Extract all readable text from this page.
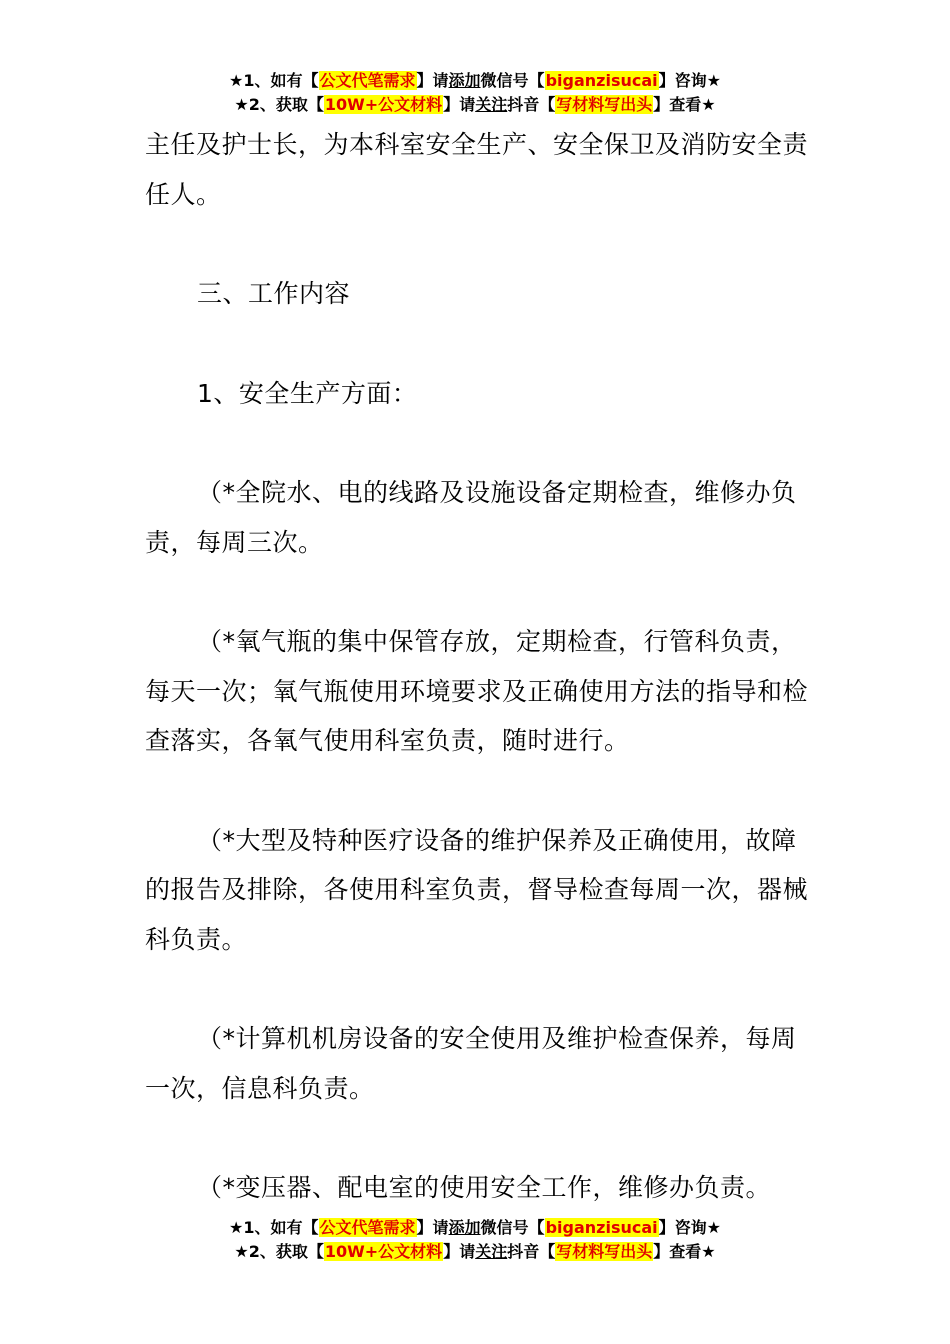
★1、如有【公文代笔需求】请添加微信号【biganzisucai】咨询★
★2、获取【10W+公文材料】请关注抖音【写材料写出头】查看★

主任及护士长，为本科室安全生产、安全保卫及消防安全责任人。

三、工作内容

1、安全生产方面：

（*全院水、电的线路及设施设备定期检查，维修办负责，每周三次。

（*氧气瓶的集中保管存放，定期检查，行管科负责，每天一次；氧气瓶使用环境要求及正确使用方法的指导和检查落实，各氧气使用科室负责，随时进行。

（*大型及特种医疗设备的维护保养及正确使用，故障的报告及排除，各使用科室负责，督导检查每周一次，器械科负责。

（*计算机机房设备的安全使用及维护检查保养，每周一次，信息科负责。

（*变压器、配电室的使用安全工作，维修办负责。

★1、如有【公文代笔需求】请添加微信号【biganzisucai】咨询★
★2、获取【10W+公文材料】请关注抖音【写材料写出头】查看★
